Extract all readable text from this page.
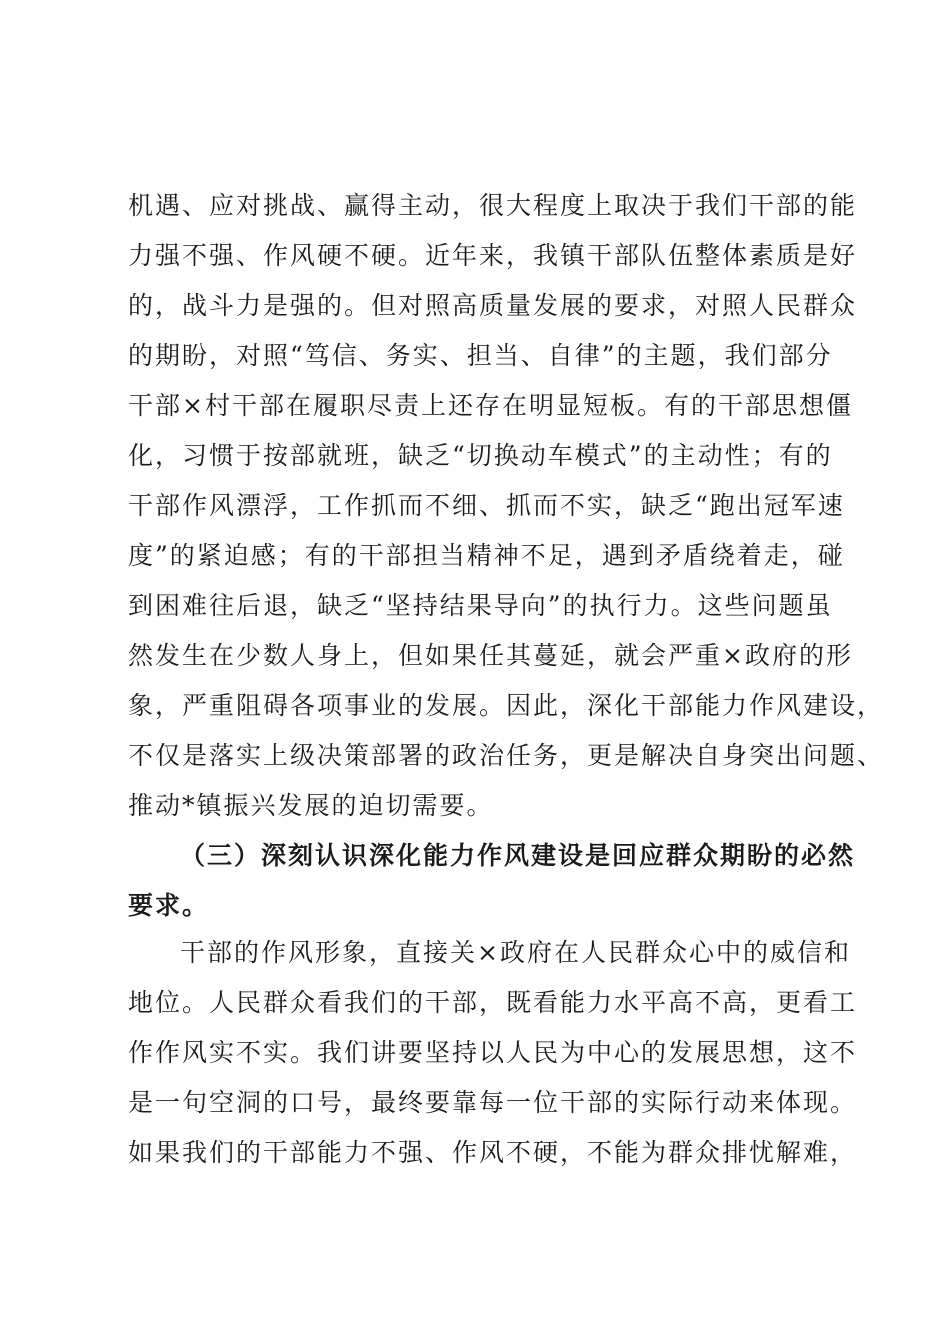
机遇、应对挑战、赢得主动，很大程度上取决于我们干部的能
力强不强、作风硬不硬。近年来，我镇干部队伍整体素质是好
的，战斗力是强的。但对照高质量发展的要求，对照人民群众
的期盼，对照“笃信、务实、担当、自律”的主题，我们部分
干部×村干部在履职尽责上还存在明显短板。有的干部思想僵
化，习惯于按部就班，缺乏“切换动车模式”的主动性；有的
干部作风漂浮，工作抓而不细、抓而不实，缺乏“跑出冠军速
度”的紧迫感；有的干部担当精神不足，遇到矛盾绕着走，碰
到困难往后退，缺乏“坚持结果导向”的执行力。这些问题虽
然发生在少数人身上，但如果任其蔓延，就会严重×政府的形
象，严重阻碍各项事业的发展。因此，深化干部能力作风建设，
不仅是落实上级决策部署的政治任务，更是解决自身突出问题、
推动*镇振兴发展的迫切需要。
（三）深刻认识深化能力作风建设是回应群众期盼的必然
要求。
干部的作风形象，直接关×政府在人民群众心中的威信和
地位。人民群众看我们的干部，既看能力水平高不高，更看工
作作风实不实。我们讲要坚持以人民为中心的发展思想，这不
是一句空洞的口号，最终要靠每一位干部的实际行动来体现。
如果我们的干部能力不强、作风不硬，不能为群众排忧解难，
